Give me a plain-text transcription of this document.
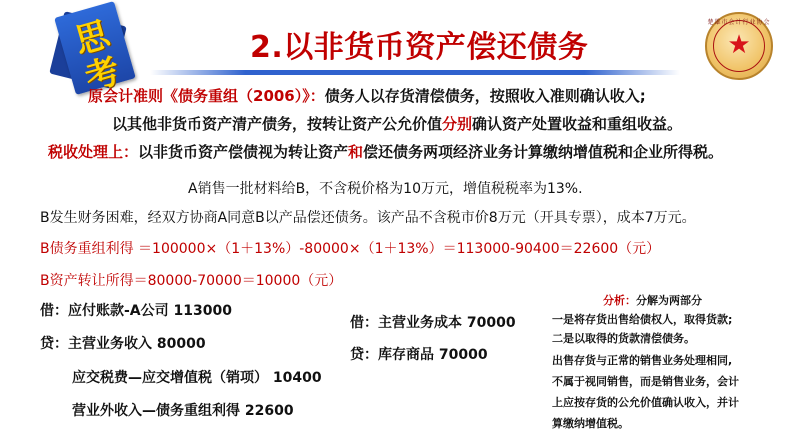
思
考
2.以非货币资产偿还债务
楚雄市会计行业协会
★
原会计准则《债务重组（2006）》：债务人以存货清偿债务，按照收入准则确认收入;
以其他非货币资产清产债务，按转让资产公允价值分别确认资产处置收益和重组收益。
税收处理上：以非货币资产偿债视为转让资产和偿还债务两项经济业务计算缴纳增值税和企业所得税。
A销售一批材料给B，不含税价格为10万元，增值税税率为13%.
B发生财务困难，经双方协商A同意B以产品偿还债务。该产品不含税市价8万元（开具专票），成本7万元。
B债务重组利得 ＝100000×（1＋13%）-80000×（1＋13%）＝113000-90400＝22600（元）
B资产转让所得＝80000-70000＝10000（元）
借：应付账款-A公司 113000
贷：主营业务收入 80000
应交税费—应交增值税（销项） 10400
营业外收入—债务重组利得 22600
借：主营业务成本 70000
贷：库存商品 70000
分析：分解为两部分
一是将存货出售给债权人，取得货款;
二是以取得的货款清偿债务。
出售存货与正常的销售业务处理相同,
不属于视同销售，而是销售业务，会计
上应按存货的公允价值确认收入，并计
算缴纳增值税。
